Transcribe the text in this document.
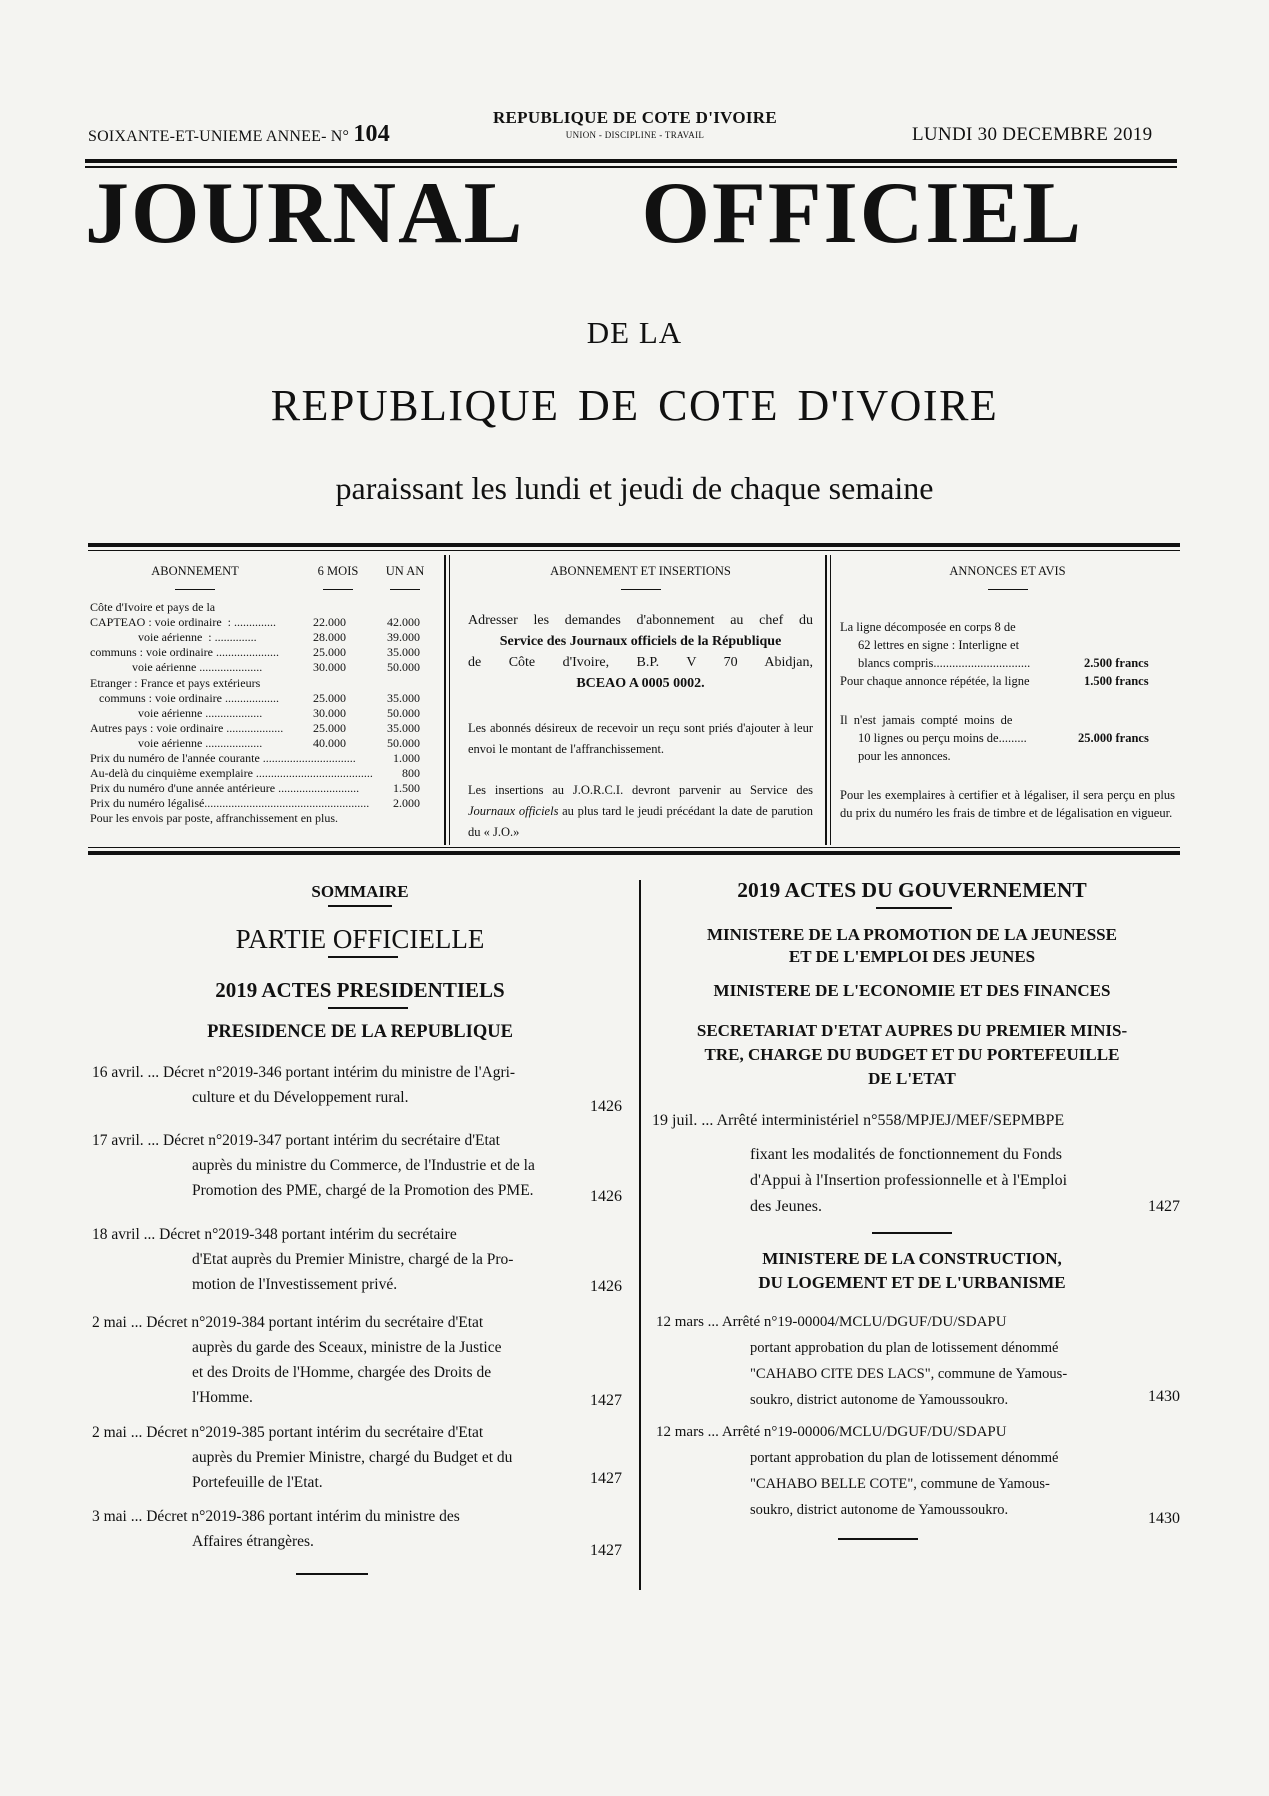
SOIXANTE-ET-UNIEME ANNEE- N° 104
REPUBLIQUE DE COTE D'IVOIRE
UNION - DISCIPLINE - TRAVAIL	LUNDI 30 DECEMBRE 2019
JOURNAL OFFICIEL
DE LA
REPUBLIQUE DE COTE D'IVOIRE
paraissant les lundi et jeudi de chaque semaine
ABONNEMENT	6 MOIS	UN AN
Côte d'Ivoire et pays de la
CAPTEAO : voie ordinaire  : ..............	22.000	42.000
voie aérienne  : ..............	28.000	39.000
communs : voie ordinaire .....................	25.000	35.000
voie aérienne .....................	30.000	50.000
Etranger : France et pays extérieurs
communs : voie ordinaire ..................	25.000	35.000
voie aérienne ...................	30.000	50.000
Autres pays : voie ordinaire ...................	25.000	35.000
voie aérienne ...................	40.000	50.000
Prix du numéro de l'année courante ...............................	1.000
Au-delà du cinquième exemplaire .......................................	800
Prix du numéro d'une année antérieure ...........................	1.500
Prix du numéro légalisé.......................................................	2.000
Pour les envois par poste, affranchissement en plus.
ABONNEMENT ET INSERTIONS

Adresser les demandes d'abonnement au chef du

Service des Journaux officiels de la République

de Côte d'Ivoire, B.P. V 70 Abidjan,

BCEAO A 0005 0002.

Les abonnés désireux de recevoir un reçu sont priés d'ajouter à leur envoi le montant de l'affranchissement.

Les insertions au J.O.R.C.I. devront parvenir au Service des Journaux officiels au plus tard le jeudi précédant la date de parution du « J.O.»

ANNONCES ET AVIS
La ligne décomposée en corps 8 de
62 lettres en signe : Interligne et
blancs compris...............................	2.500 francs
Pour chaque annonce répétée, la ligne	1.500 francs
Il n'est jamais compté moins de
10 lignes ou perçu moins de.........	25.000 francs
pour les annonces.
Pour les exemplaires à certifier et à légaliser, il sera perçu en plus du prix du numéro les frais de timbre et de légalisation en vigueur.
SOMMAIRE
PARTIE OFFICIELLE
2019 ACTES PRESIDENTIELS
PRESIDENCE DE LA REPUBLIQUE
16 avril. ... Décret n°2019-346 portant intérim du ministre de l'Agri-
culture et du Développement rural.
1426
17 avril. ... Décret n°2019-347 portant intérim du secrétaire d'Etat
auprès du ministre du Commerce, de l'Industrie et de la
Promotion des PME, chargé de la Promotion des PME.	1426
18 avril ... Décret n°2019-348 portant intérim du secrétaire
d'Etat auprès du Premier Ministre, chargé de la Pro-
motion de l'Investissement privé.	1426
2 mai ... Décret n°2019-384 portant intérim du secrétaire d'Etat
auprès du garde des Sceaux, ministre de la Justice
et des Droits de l'Homme, chargée des Droits de
l'Homme.	1427
2 mai ... Décret n°2019-385 portant intérim du secrétaire d'Etat
auprès du Premier Ministre, chargé du Budget et du
Portefeuille de l'Etat.	1427
3 mai ... Décret n°2019-386 portant intérim du ministre des
Affaires étrangères.
1427
2019 ACTES DU GOUVERNEMENT
MINISTERE DE LA PROMOTION DE LA JEUNESSE
ET DE L'EMPLOI DES JEUNES
MINISTERE DE L'ECONOMIE ET DES FINANCES
SECRETARIAT D'ETAT AUPRES DU PREMIER MINIS-
TRE, CHARGE DU BUDGET ET DU PORTEFEUILLE
DE L'ETAT
19 juil. ... Arrêté interministériel n°558/MPJEJ/MEF/SEPMBPE
fixant les modalités de fonctionnement du Fonds
d'Appui à l'Insertion professionnelle et à l'Emploi
des Jeunes.	1427
MINISTERE DE LA CONSTRUCTION,
DU LOGEMENT ET DE L'URBANISME
12 mars ... Arrêté n°19-00004/MCLU/DGUF/DU/SDAPU
portant approbation du plan de lotissement dénommé
"CAHABO CITE DES LACS", commune de Yamous-
soukro, district autonome de Yamoussoukro.	1430
12 mars ... Arrêté n°19-00006/MCLU/DGUF/DU/SDAPU
portant approbation du plan de lotissement dénommé
"CAHABO BELLE COTE", commune de Yamous-
soukro, district autonome de Yamoussoukro.	1430
